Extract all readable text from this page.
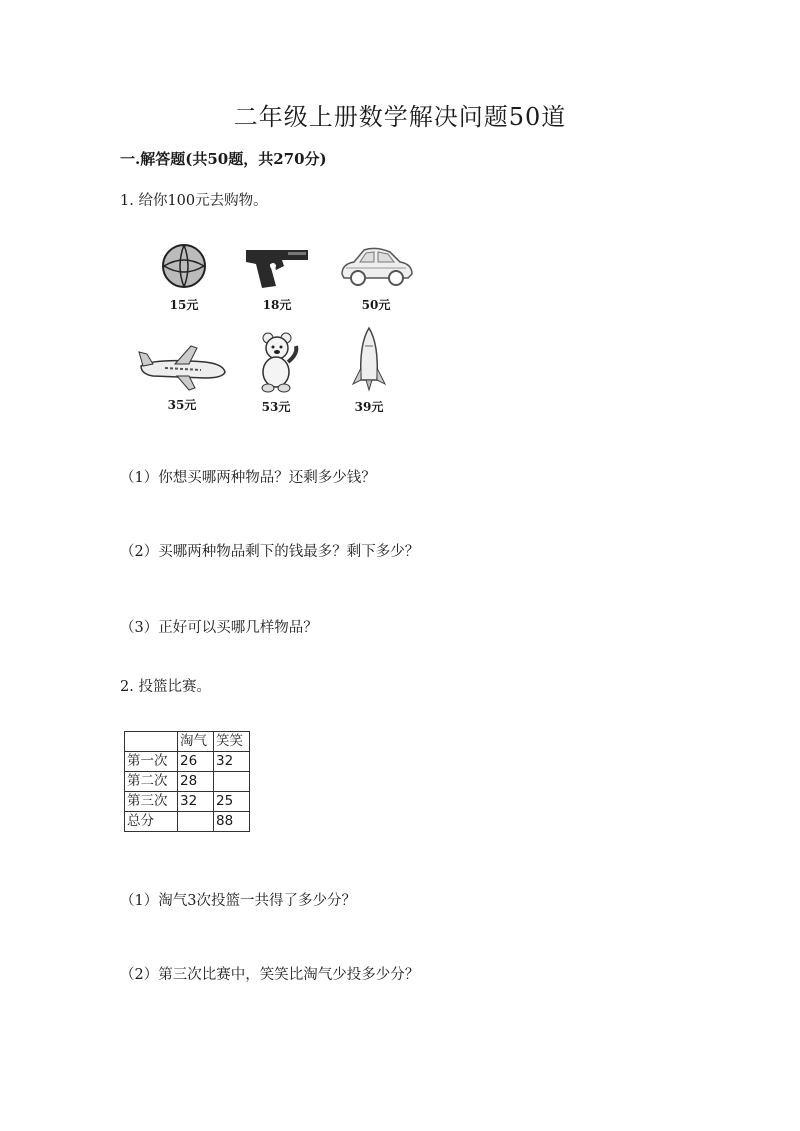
二年级上册数学解决问题50道
一.解答题(共50题，共270分)
1. 给你100元去购物。
15元	18元	50元
35元	53元	39元
（1）你想买哪两种物品？还剩多少钱？
（2）买哪两种物品剩下的钱最多？剩下多少？
（3）正好可以买哪几样物品？
2. 投篮比赛。
	淘气	笑笑
第一次	26	32
第二次	28	
第三次	32	25
总分		88
（1）淘气3次投篮一共得了多少分？
（2）第三次比赛中，笑笑比淘气少投多少分？
